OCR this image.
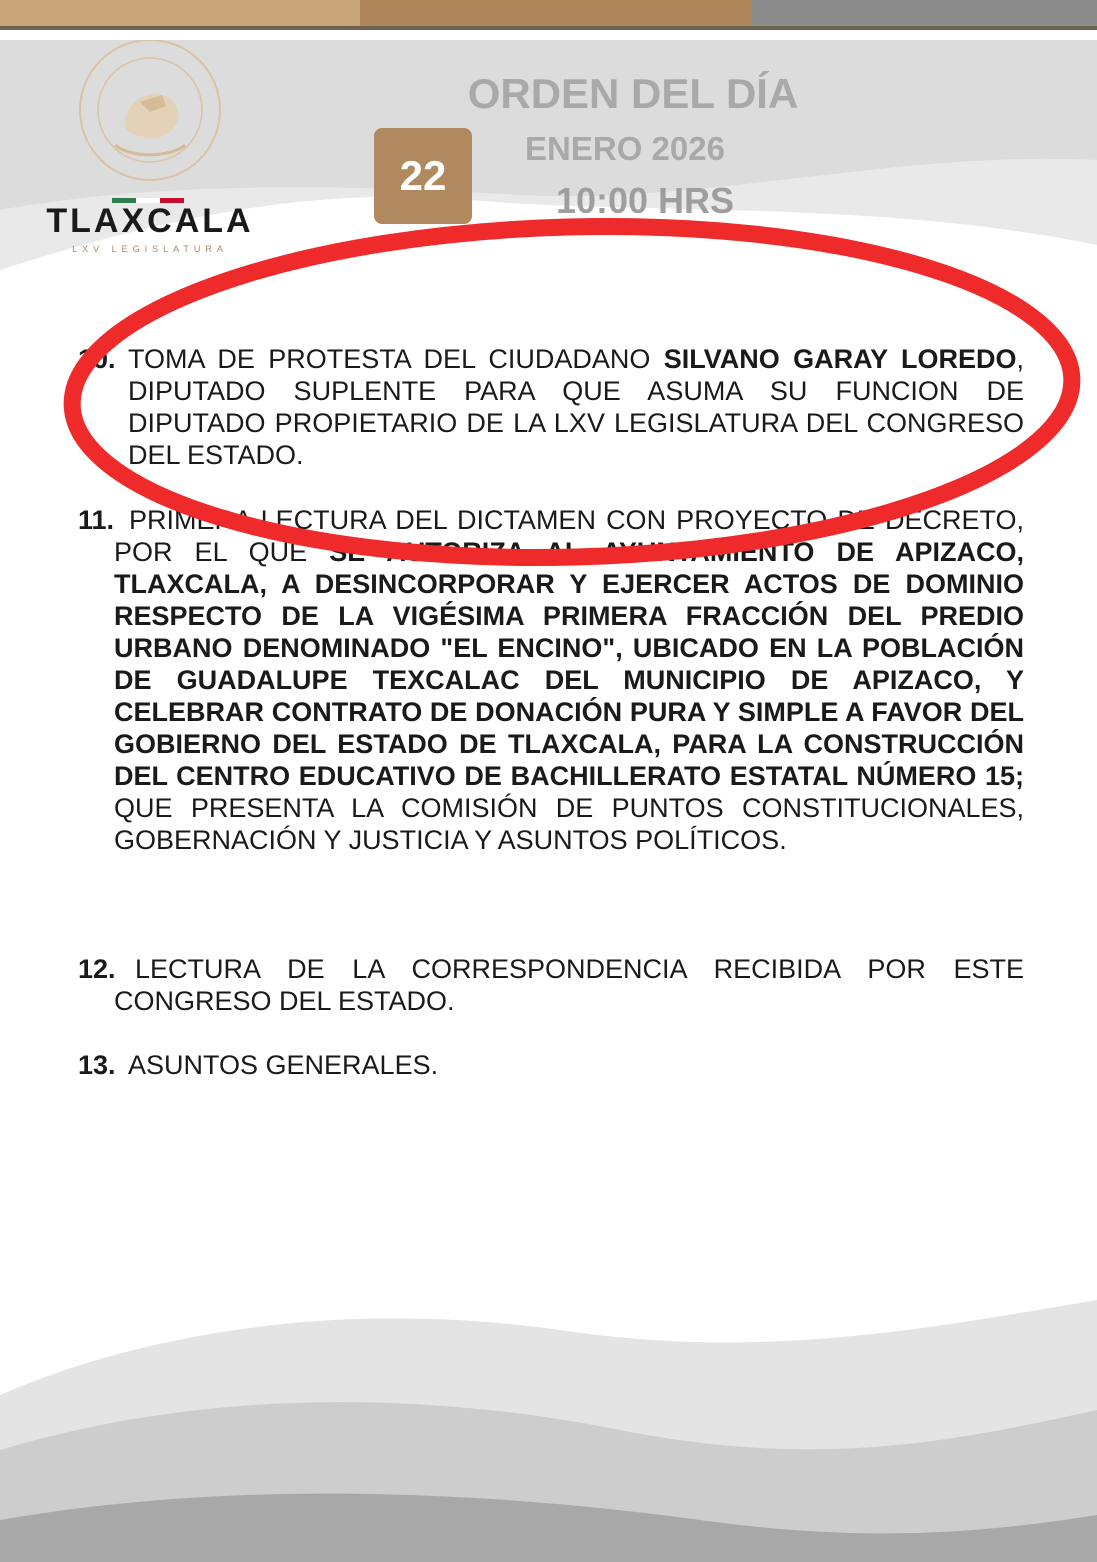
TLAXCALA
LXV LEGISLATURA
ORDEN DEL DÍA
22
ENERO 2026
10:00 HRS
10. TOMA DE PROTESTA DEL CIUDADANO SILVANO GARAY LOREDO, DIPUTADO SUPLENTE PARA QUE ASUMA SU FUNCION DE DIPUTADO PROPIETARIO DE LA LXV LEGISLATURA DEL CONGRESO DEL ESTADO.
11. PRIMERA LECTURA DEL DICTAMEN CON PROYECTO DE DECRETO, POR EL QUE SE AUTORIZA AL AYUNTAMIENTO DE APIZACO, TLAXCALA, A DESINCORPORAR Y EJERCER ACTOS DE DOMINIO RESPECTO DE LA VIGÉSIMA PRIMERA FRACCIÓN DEL PREDIO URBANO DENOMINADO "EL ENCINO", UBICADO EN LA POBLACIÓN DE GUADALUPE TEXCALAC DEL MUNICIPIO DE APIZACO, Y CELEBRAR CONTRATO DE DONACIÓN PURA Y SIMPLE A FAVOR DEL GOBIERNO DEL ESTADO DE TLAXCALA, PARA LA CONSTRUCCIÓN DEL CENTRO EDUCATIVO DE BACHILLERATO ESTATAL NÚMERO 15; QUE PRESENTA LA COMISIÓN DE PUNTOS CONSTITUCIONALES, GOBERNACIÓN Y JUSTICIA Y ASUNTOS POLÍTICOS.
12. LECTURA DE LA CORRESPONDENCIA RECIBIDA POR ESTE CONGRESO DEL ESTADO.
13. ASUNTOS GENERALES.
